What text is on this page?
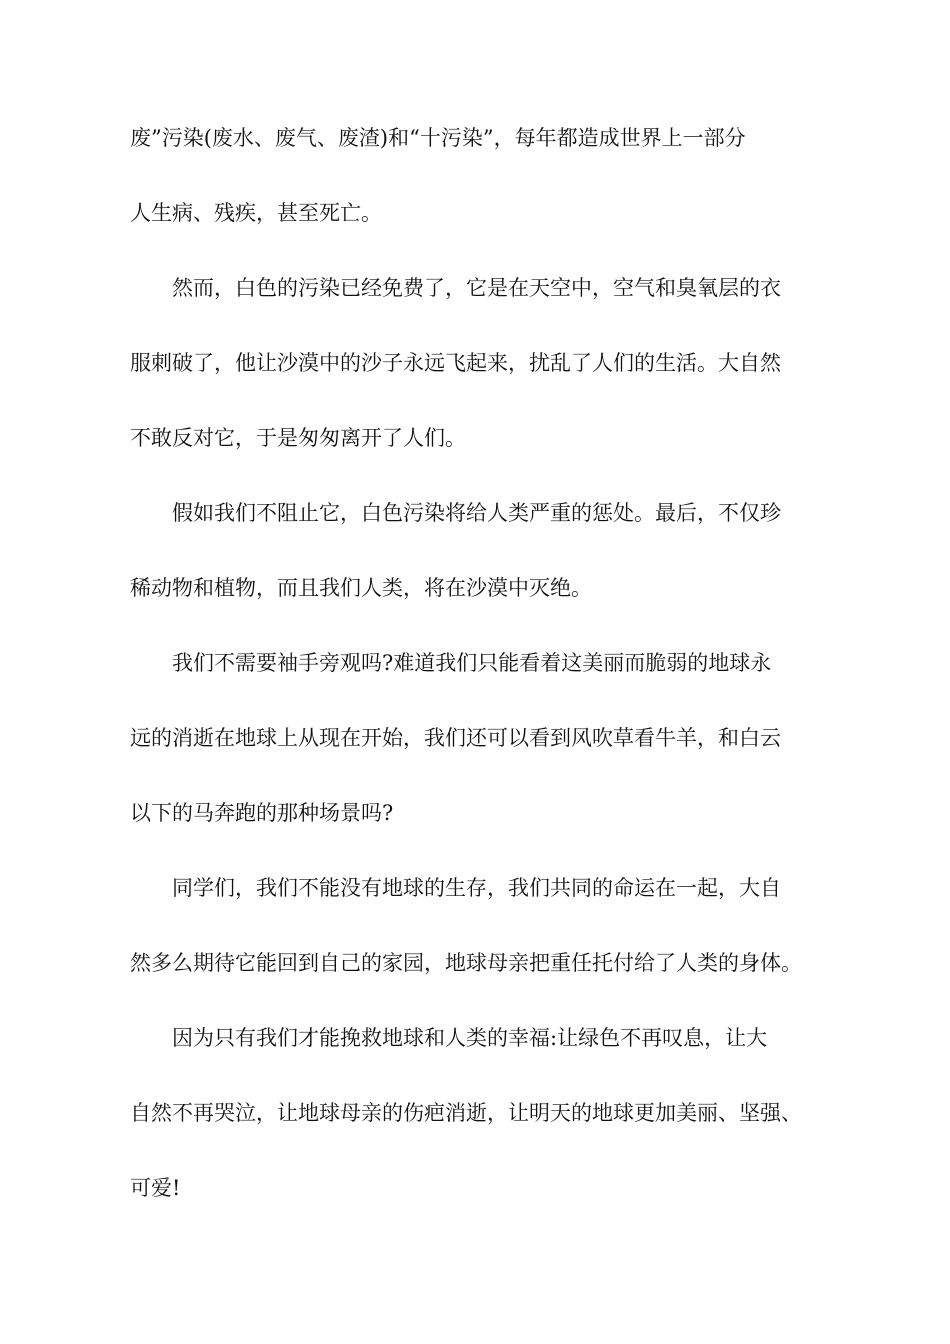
废”污染(废水、废气、废渣)和“十污染”，每年都造成世界上一部分
人生病、残疾，甚至死亡。
然而，白色的污染已经免费了，它是在天空中，空气和臭氧层的衣
服刺破了，他让沙漠中的沙子永远飞起来，扰乱了人们的生活。大自然
不敢反对它，于是匆匆离开了人们。
假如我们不阻止它，白色污染将给人类严重的惩处。最后，不仅珍
稀动物和植物，而且我们人类，将在沙漠中灭绝。
我们不需要袖手旁观吗?难道我们只能看着这美丽而脆弱的地球永
远的消逝在地球上从现在开始，我们还可以看到风吹草看牛羊，和白云
以下的马奔跑的那种场景吗?
同学们，我们不能没有地球的生存，我们共同的命运在一起，大自
然多么期待它能回到自己的家园，地球母亲把重任托付给了人类的身体。
因为只有我们才能挽救地球和人类的幸福:让绿色不再叹息，让大
自然不再哭泣，让地球母亲的伤疤消逝，让明天的地球更加美丽、坚强、
可爱!
